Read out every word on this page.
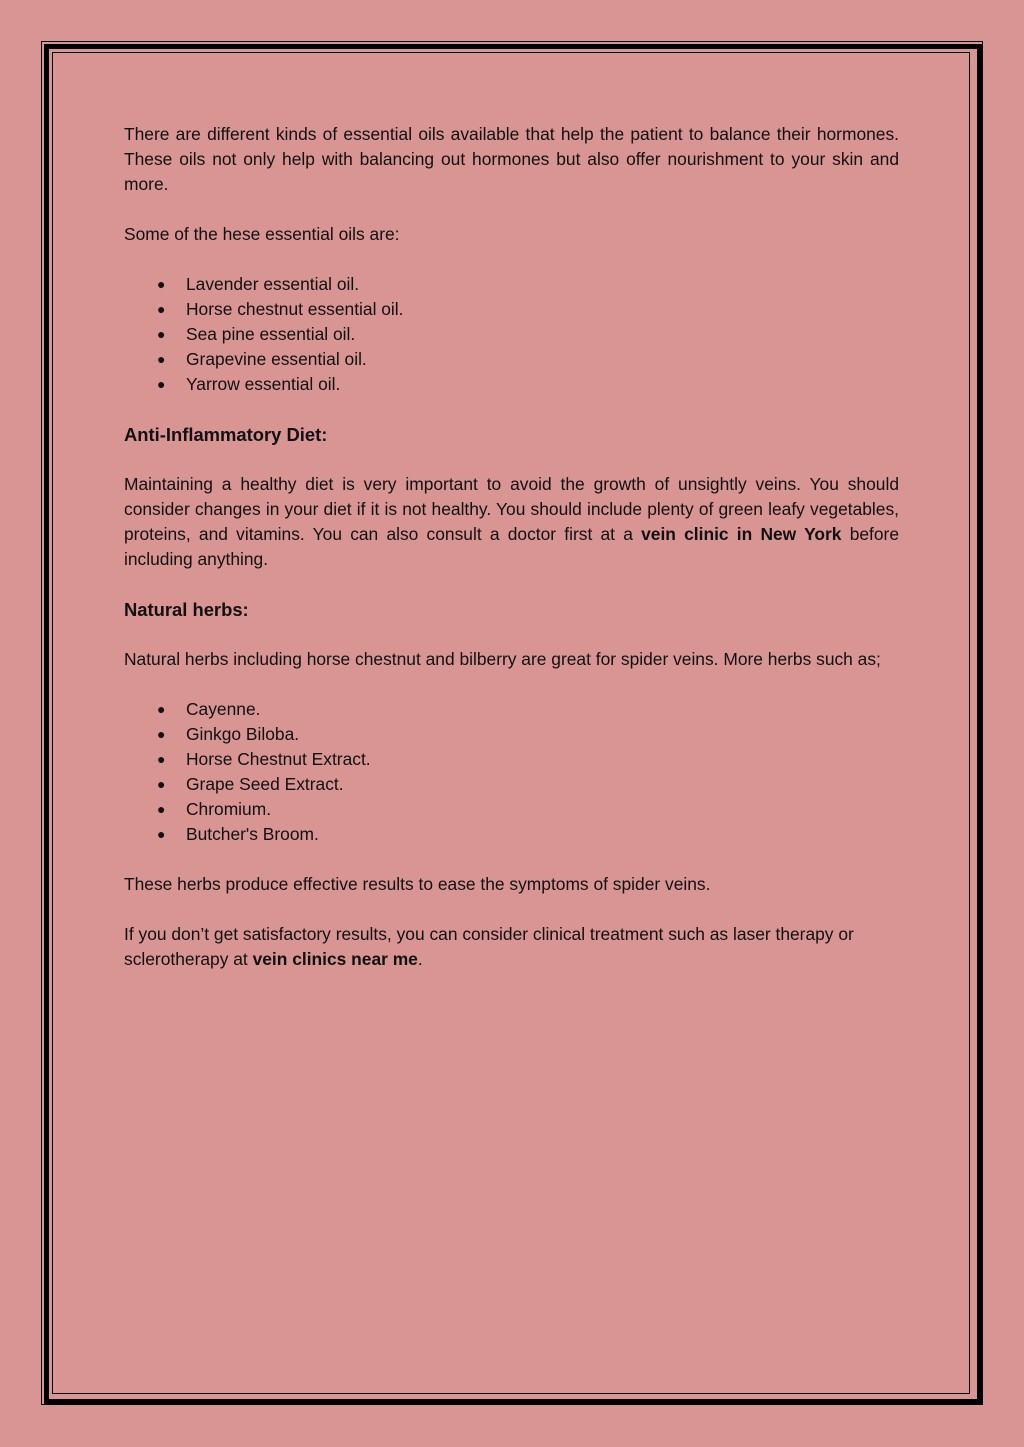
There are different kinds of essential oils available that help the patient to balance their hormones. These oils not only help with balancing out hormones but also offer nourishment to your skin and more.

Some of the hese essential oils are:

● Lavender essential oil.
● Horse chestnut essential oil.
● Sea pine essential oil.
● Grapevine essential oil.
● Yarrow essential oil.
Anti-Inflammatory Diet:

Maintaining a healthy diet is very important to avoid the growth of unsightly veins. You should consider changes in your diet if it is not healthy. You should include plenty of green leafy vegetables, proteins, and vitamins. You can also consult a doctor first at a vein clinic in New York before including anything.

Natural herbs:

Natural herbs including horse chestnut and bilberry are great for spider veins. More herbs such as;

● Cayenne.
● Ginkgo Biloba.
● Horse Chestnut Extract.
● Grape Seed Extract.
● Chromium.
● Butcher's Broom.

These herbs produce effective results to ease the symptoms of spider veins.

If you don’t get satisfactory results, you can consider clinical treatment such as laser therapy or sclerotherapy at vein clinics near me.
